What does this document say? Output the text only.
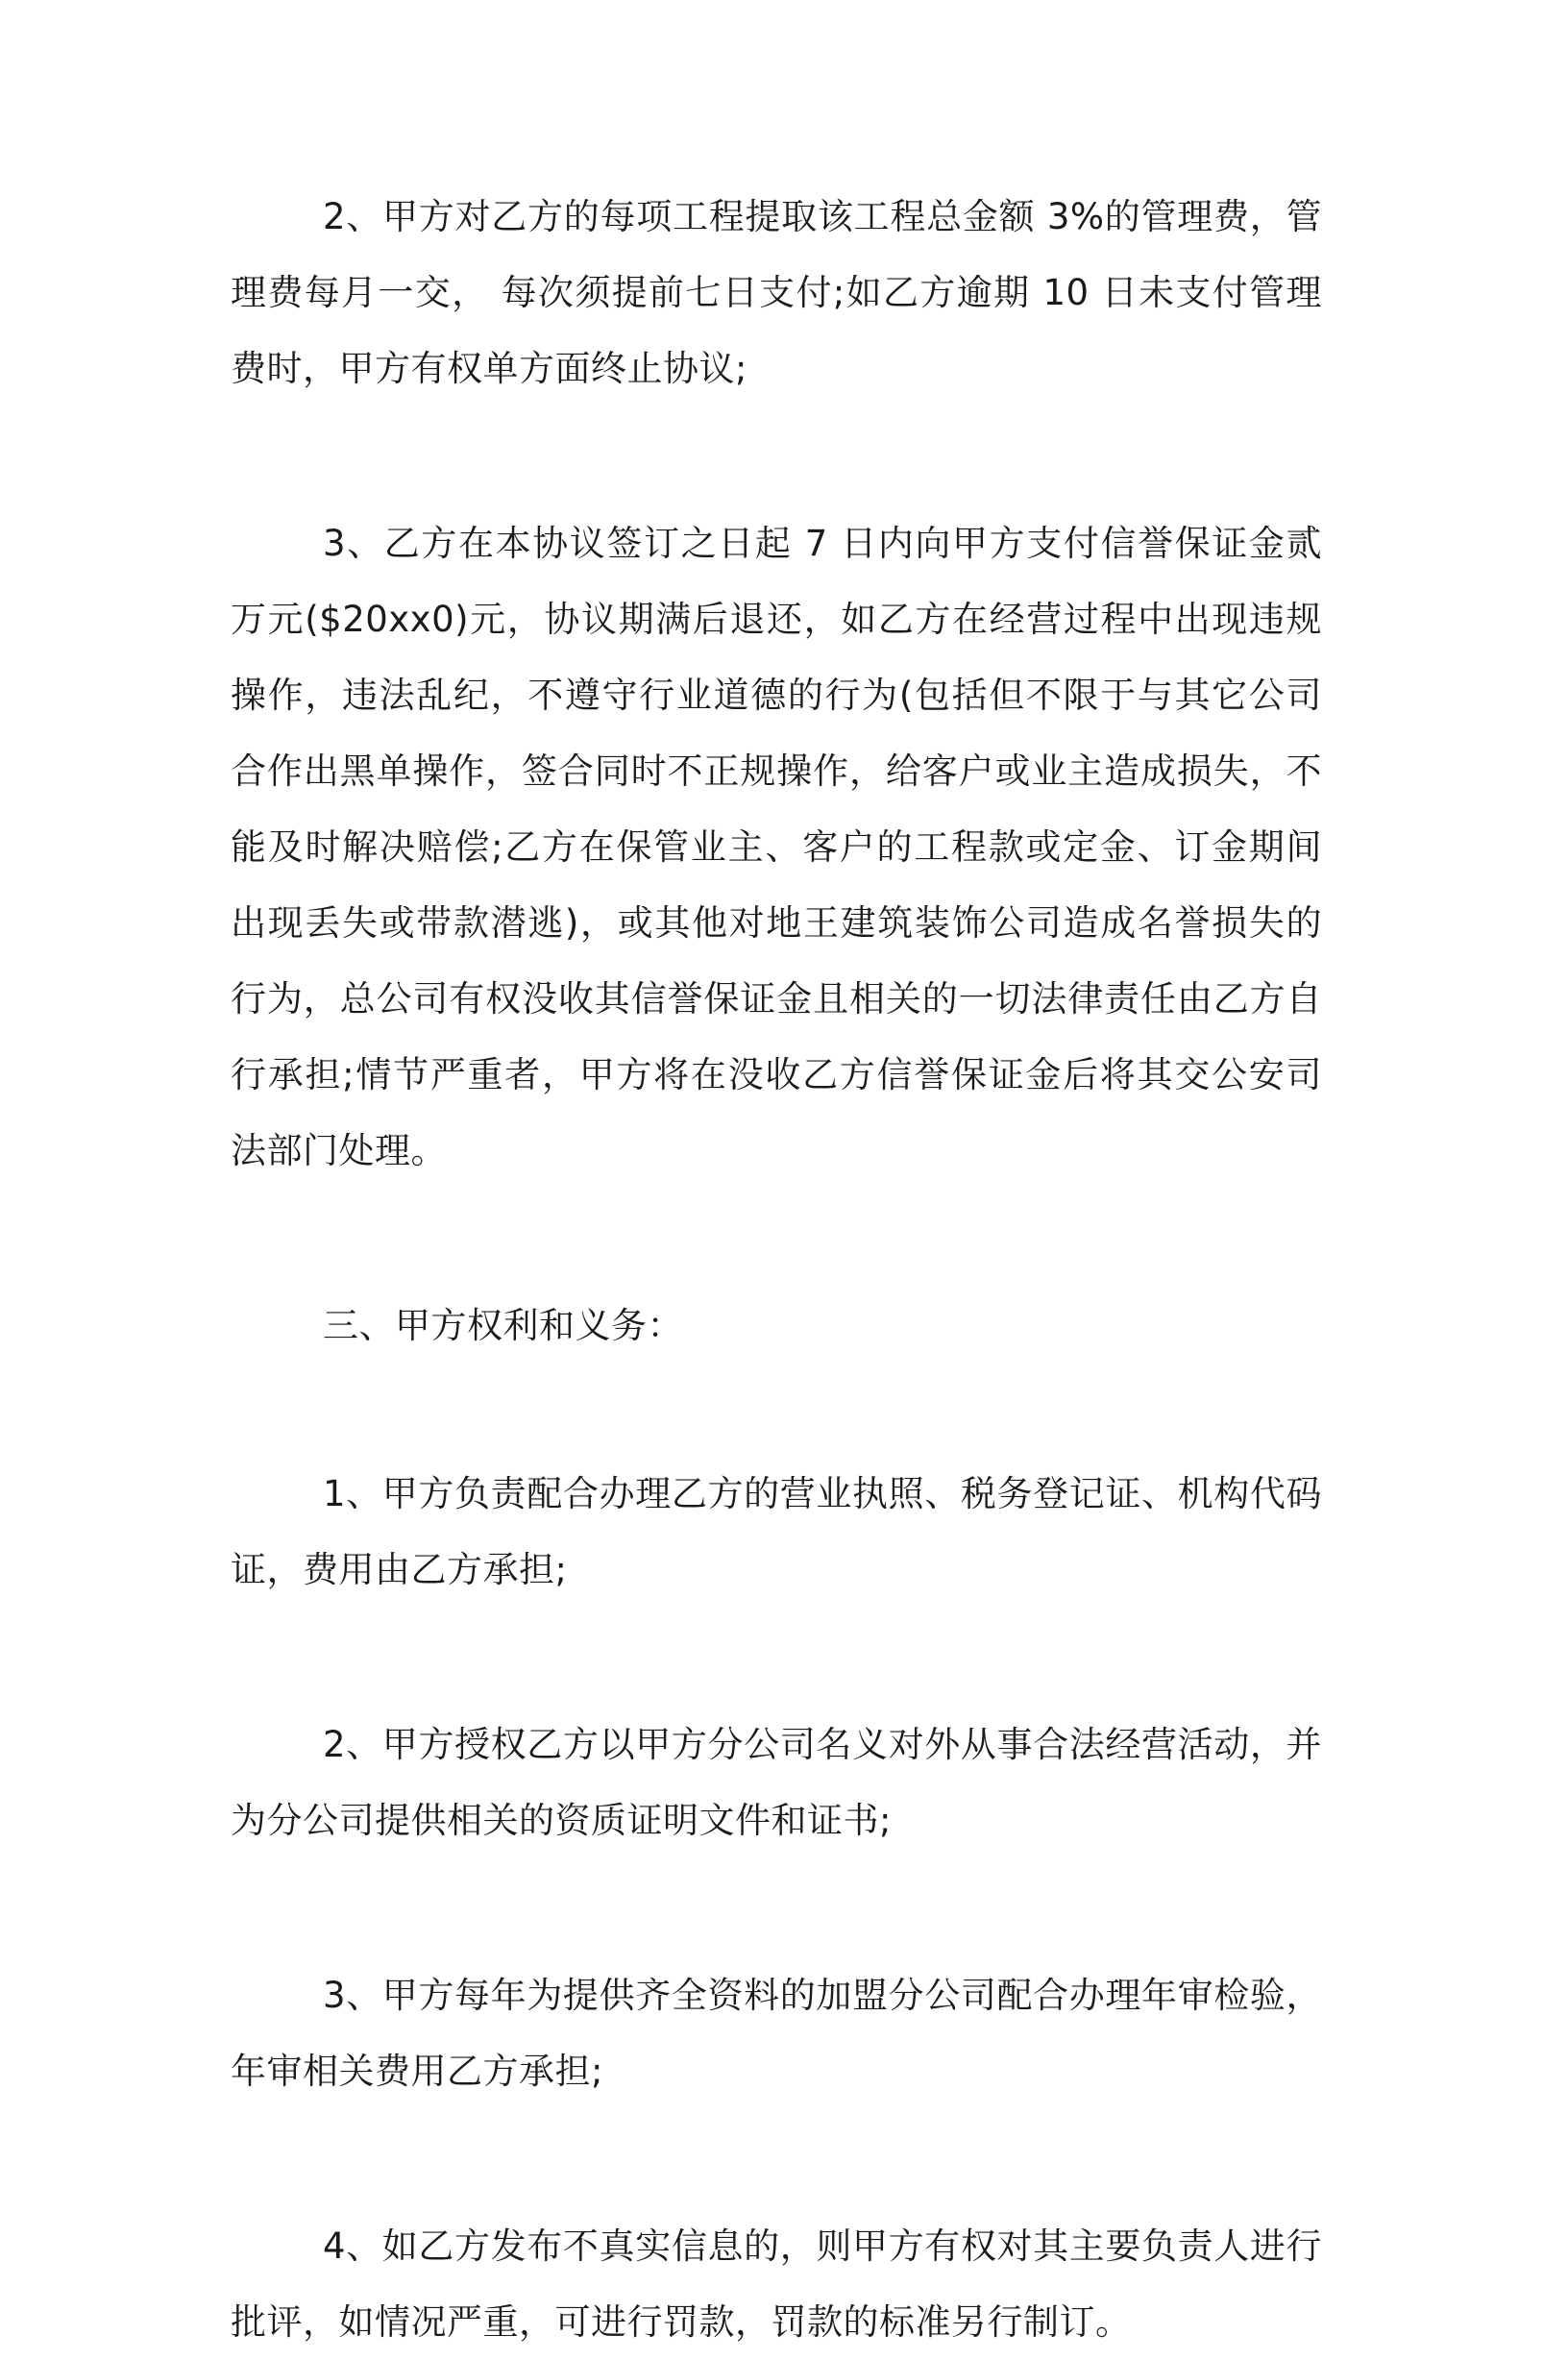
2、甲方对乙方的每项工程提取该工程总金额 3%的管理费，管理费每月一交， 每次须提前七日支付;如乙方逾期 10 日未支付管理费时，甲方有权单方面终止协议;

3、乙方在本协议签订之日起 7 日内向甲方支付信誉保证金贰万元($20xx0)元，协议期满后退还，如乙方在经营过程中出现违规操作，违法乱纪，不遵守行业道德的行为(包括但不限于与其它公司合作出黑单操作，签合同时不正规操作，给客户或业主造成损失，不能及时解决赔偿;乙方在保管业主、客户的工程款或定金、订金期间出现丢失或带款潜逃)，或其他对地王建筑装饰公司造成名誉损失的行为，总公司有权没收其信誉保证金且相关的一切法律责任由乙方自行承担;情节严重者，甲方将在没收乙方信誉保证金后将其交公安司法部门处理。

三、甲方权利和义务：

1、甲方负责配合办理乙方的营业执照、税务登记证、机构代码证，费用由乙方承担;

2、甲方授权乙方以甲方分公司名义对外从事合法经营活动，并为分公司提供相关的资质证明文件和证书;

3、甲方每年为提供齐全资料的加盟分公司配合办理年审检验，年审相关费用乙方承担;

4、如乙方发布不真实信息的，则甲方有权对其主要负责人进行批评，如情况严重，可进行罚款，罚款的标准另行制订。
